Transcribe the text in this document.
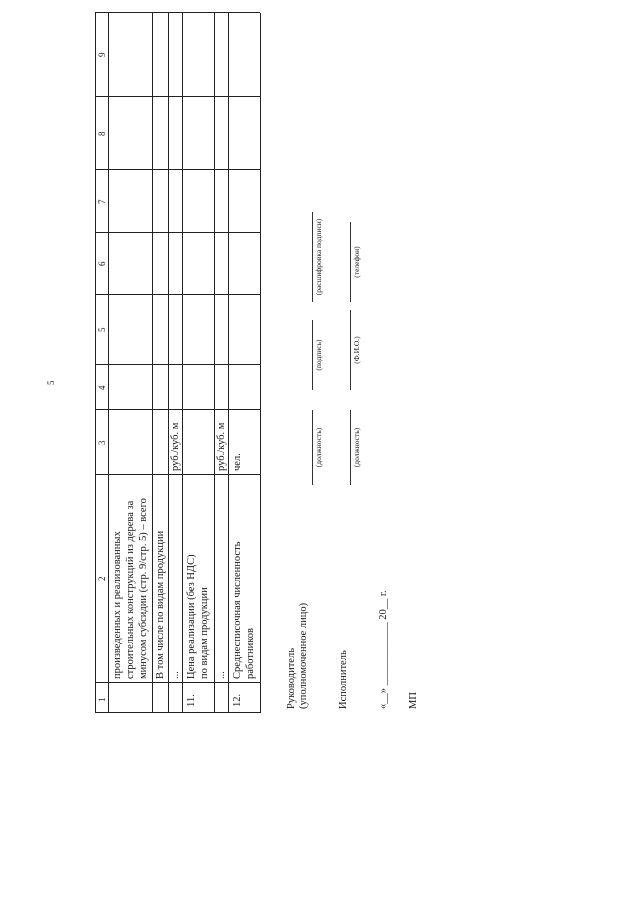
5
1
2
3
4
5
6
7
8
9
произведенных и реализованных строительных конструкций из дерева за минусом субсидии (стр. 9/стр. 5) – всего В том числе по видам продукции ...
руб./куб. м
11.
Цена реализации (без НДС) по видам продукции ...
руб./куб. м
12.
Среднесписочная численность работников
чел.
Руководитель (уполномоченное лицо)
(должность)
(подпись)
(расшифровка подписи)
Исполнитель
(должность)
(Ф.И.О.)
(телефон)
«__» ____________ 20__ г. МП
